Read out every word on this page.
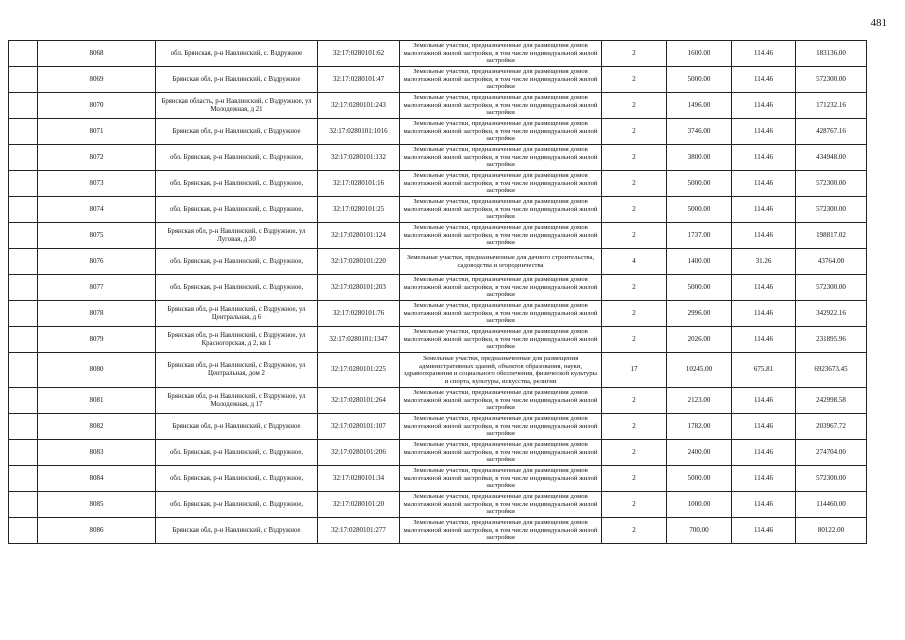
481
	8068	обл. Брянская, р-н Навлинский, с. Вздружное	32:17:0280101:62	Земельные участки, предназначенные для размещения домов малоэтажной жилой застройки, в том числе индивидуальной жилой застройки	2	1600.00	114.46	183136.00
	8069	Брянская обл, р-н Навлинский, с Вздружное	32:17:0280101:47	Земельные участки, предназначенные для размещения домов малоэтажной жилой застройки, в том числе индивидуальной жилой застройки	2	5000.00	114.46	572300.00
	8070	Брянская область, р-н Навлинский, с Вздружное, ул Молодежная, д 21	32:17:0280101:243	Земельные участки, предназначенные для размещения домов малоэтажной жилой застройки, в том числе индивидуальной жилой застройки	2	1496.00	114.46	171232.16
	8071	Брянская обл, р-н Навлинский, с Вздружное	32:17:0280101:1016	Земельные участки, предназначенные для размещения домов малоэтажной жилой застройки, в том числе индивидуальной жилой застройки	2	3746.00	114.46	428767.16
	8072	обл. Брянская, р-н Навлинский, с. Вздружное,	32:17:0280101:132	Земельные участки, предназначенные для размещения домов малоэтажной жилой застройки, в том числе индивидуальной жилой застройки	2	3800.00	114.46	434948.00
	8073	обл. Брянская, р-н Навлинский, с. Вздружное,	32:17:0280101:16	Земельные участки, предназначенные для размещения домов малоэтажной жилой застройки, в том числе индивидуальной жилой застройки	2	5000.00	114.46	572300.00
	8074	обл. Брянская, р-н Навлинский, с. Вздружное,	32:17:0280101:25	Земельные участки, предназначенные для размещения домов малоэтажной жилой застройки, в том числе индивидуальной жилой застройки	2	5000.00	114.46	572300.00
	8075	Брянская обл, р-н Навлинский, с Вздружное, ул Луговая, д 30	32:17:0280101:124	Земельные участки, предназначенные для размещения домов малоэтажной жилой застройки, в том числе индивидуальной жилой застройки	2	1737.00	114.46	198817.02
	8076	обл. Брянская, р-н Навлинский, с. Вздружное,	32:17:0280101:220	Земельные участки, предназначенные для дачного строительства, садоводства и огородничества	4	1400.00	31.26	43764.00
	8077	обл. Брянская, р-н Навлинский, с. Вздружное,	32:17:0280101:203	Земельные участки, предназначенные для размещения домов малоэтажной жилой застройки, в том числе индивидуальной жилой застройки	2	5000.00	114.46	572300.00
	8078	Брянская обл, р-н Навлинский, с Вздружное, ул Центральная, д 6	32:17:0280101:76	Земельные участки, предназначенные для размещения домов малоэтажной жилой застройки, в том числе индивидуальной жилой застройки	2	2996.00	114.46	342922.16
	8079	Брянская обл, р-н Навлинский, с Вздружное, ул Красногорская, д 2, кв 1	32:17:0280101:1347	Земельные участки, предназначенные для размещения домов малоэтажной жилой застройки, в том числе индивидуальной жилой застройки	2	2026.00	114.46	231895.96
	8080	Брянская обл, р-н Навлинский, с Вздружное, ул Центральная, дом 2	32:17:0280101:225	Земельные участки, предназначенные для размещения административных зданий, объектов образования, науки, здравоохранения и социального обеспечения, физической культуры и спорта, культуры, искусства, религии	17	10245.00	675.81	6923673.45
	8081	Брянская обл, р-н Навлинский, с Вздружное, ул Молодежная, д 17	32:17:0280101:264	Земельные участки, предназначенные для размещения домов малоэтажной жилой застройки, в том числе индивидуальной жилой застройки	2	2123.00	114.46	242998.58
	8082	Брянская обл, р-н Навлинский, с Вздружное	32:17:0280101:107	Земельные участки, предназначенные для размещения домов малоэтажной жилой застройки, в том числе индивидуальной жилой застройки	2	1782.00	114.46	203967.72
	8083	обл. Брянская, р-н Навлинский, с. Вздружное,	32:17:0280101:206	Земельные участки, предназначенные для размещения домов малоэтажной жилой застройки, в том числе индивидуальной жилой застройки	2	2400.00	114.46	274704.00
	8084	обл. Брянская, р-н Навлинский, с. Вздружное,	32:17:0280101:34	Земельные участки, предназначенные для размещения домов малоэтажной жилой застройки, в том числе индивидуальной жилой застройки	2	5000.00	114.46	572300.00
	8085	обл. Брянская, р-н Навлинский, с. Вздружное,	32:17:0280101:20	Земельные участки, предназначенные для размещения домов малоэтажной жилой застройки, в том числе индивидуальной жилой застройки	2	1000.00	114.46	114460.00
	8086	Брянская обл, р-н Навлинский, с Вздружное	32:17:0280101:277	Земельные участки, предназначенные для размещения домов малоэтажной жилой застройки, в том числе индивидуальной жилой застройки	2	700.00	114.46	80122.00
